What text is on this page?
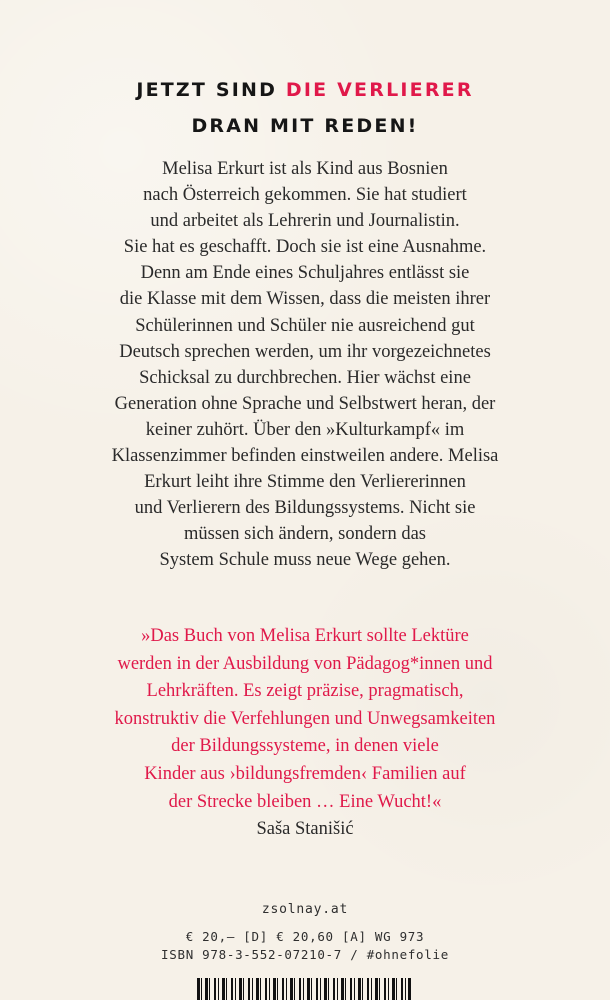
JETZT SIND DIE VERLIERER
DRAN MIT REDEN!
Melisa Erkurt ist als Kind aus Bosnien
nach Österreich gekommen. Sie hat studiert
und arbeitet als Lehrerin und Journalistin.
Sie hat es geschafft. Doch sie ist eine Ausnahme.
Denn am Ende eines Schuljahres entlässt sie
die Klasse mit dem Wissen, dass die meisten ihrer
Schülerinnen und Schüler nie ausreichend gut
Deutsch sprechen werden, um ihr vorgezeichnetes
Schicksal zu durchbrechen. Hier wächst eine
Generation ohne Sprache und Selbstwert heran, der
keiner zuhört. Über den »Kulturkampf« im
Klassenzimmer befinden einstweilen andere. Melisa
Erkurt leiht ihre Stimme den Verliererinnen
und Verlierern des Bildungssystems. Nicht sie
müssen sich ändern, sondern das
System Schule muss neue Wege gehen.
»Das Buch von Melisa Erkurt sollte Lektüre
werden in der Ausbildung von Pädagog*innen und
Lehrkräften. Es zeigt präzise, pragmatisch,
konstruktiv die Verfehlungen und Unwegsamkeiten
der Bildungssysteme, in denen viele
Kinder aus ›bildungsfremden‹ Familien auf
der Strecke bleiben … Eine Wucht!«
Saša Stanišić
zsolnay.at
€ 20,– [D] € 20,60 [A] WG 973
ISBN 978-3-552-07210-7 / #ohnefolie
